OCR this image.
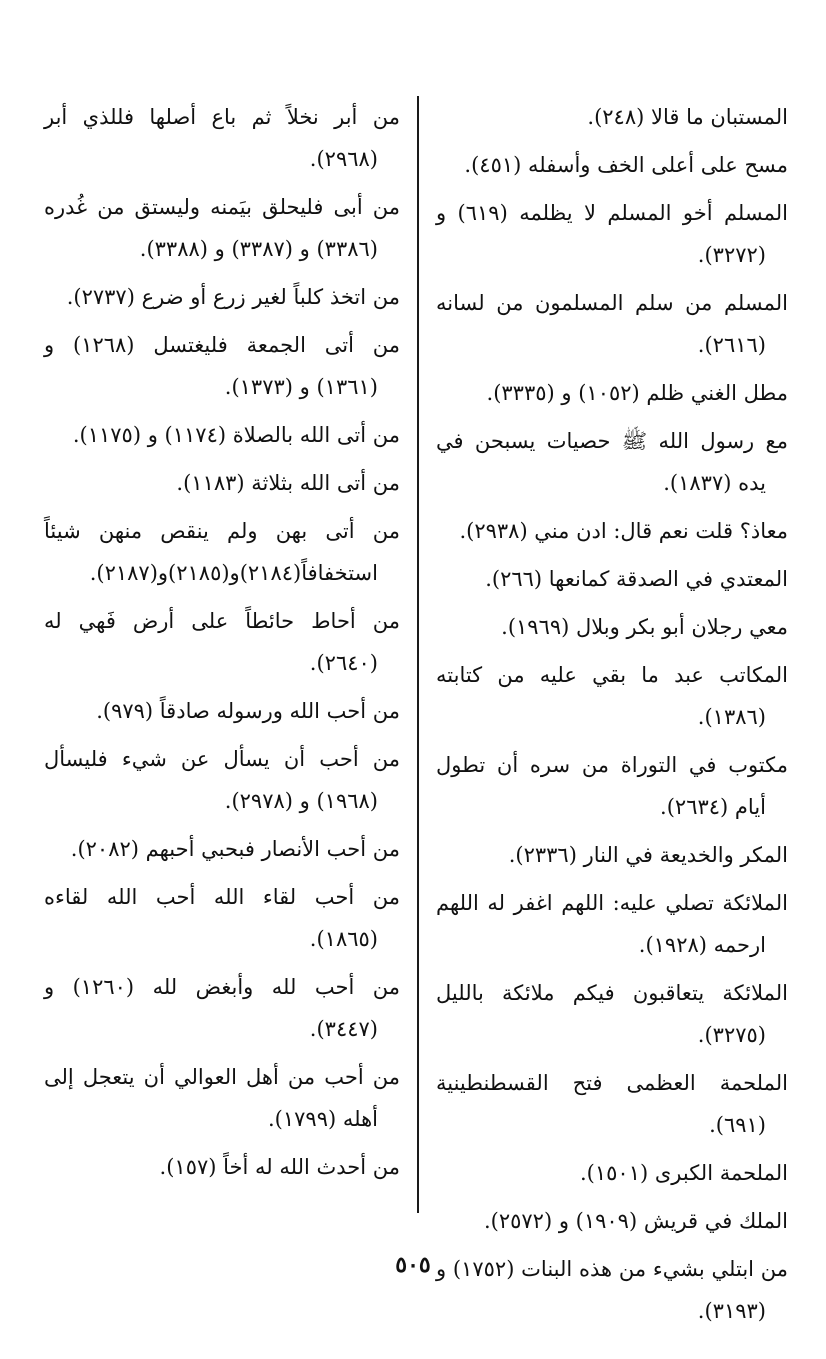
المستبان ما قالا (٢٤٨).
مسح على أعلى الخف وأسفله (٤٥١).
المسلم أخو المسلم لا يظلمه (٦١٩) و (٣٢٧٢).
المسلم من سلم المسلمون من لسانه (٢٦١٦).
مطل الغني ظلم (١٠٥٢) و (٣٣٣٥).
مع رسول الله ﷺ حصيات يسبحن في يده (١٨٣٧).
معاذ؟ قلت نعم قال: ادن مني (٢٩٣٨).
المعتدي في الصدقة كمانعها (٢٦٦).
معي رجلان أبو بكر وبلال (١٩٦٩).
المكاتب عبد ما بقي عليه من كتابته (١٣٨٦).
مكتوب في التوراة من سره أن تطول أيام (٢٦٣٤).
المكر والخديعة في النار (٢٣٣٦).
الملائكة تصلي عليه: اللهم اغفر له اللهم ارحمه (١٩٢٨).
الملائكة يتعاقبون فيكم ملائكة بالليل (٣٢٧٥).
الملحمة العظمى فتح القسطنطينية (٦٩١).
الملحمة الكبرى (١٥٠١).
الملك في قريش (١٩٠٩) و (٢٥٧٢).
من ابتلي بشيء من هذه البنات (١٧٥٢) و (٣١٩٣).
من أبر نخلاً ثم باع أصلها فللذي أبر (٢٩٦٨).
من أبى فليحلق بيَمنه وليستق من غُدره (٣٣٨٦) و (٣٣٨٧) و (٣٣٨٨).
من اتخذ كلباً لغير زرع أو ضرع (٢٧٣٧).
من أتى الجمعة فليغتسل (١٢٦٨) و (١٣٦١) و (١٣٧٣).
من أتى الله بالصلاة (١١٧٤) و (١١٧٥).
من أتى الله بثلاثة (١١٨٣).
من أتى بهن ولم ينقص منهن شيئاً استخفافاً(٢١٨٤)و(٢١٨٥)و(٢١٨٧).
من أحاط حائطاً على أرض فَهي له (٢٦٤٠).
من أحب الله ورسوله صادقاً (٩٧٩).
من أحب أن يسأل عن شيء فليسأل (١٩٦٨) و (٢٩٧٨).
من أحب الأنصار فبحبي أحبهم (٢٠٨٢).
من أحب لقاء الله أحب الله لقاءه (١٨٦٥).
من أحب لله وأبغض لله (١٢٦٠) و (٣٤٤٧).
من أحب من أهل العوالي أن يتعجل إلى أهله (١٧٩٩).
من أحدث الله له أخاً (١٥٧).
٥٠٥
